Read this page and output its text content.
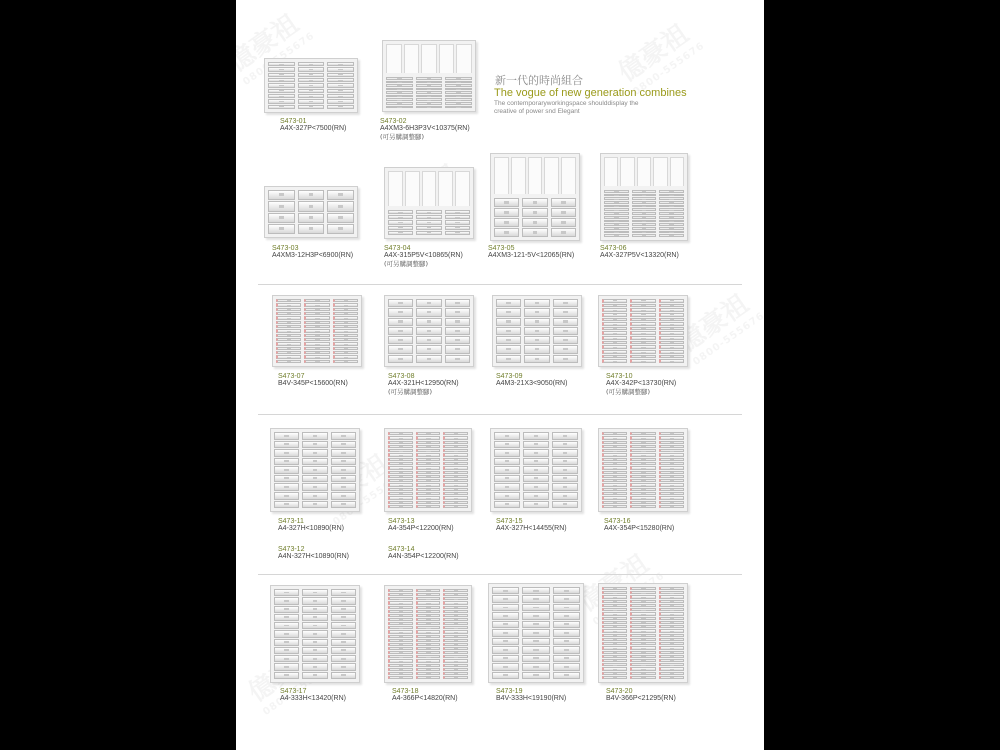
新一代的時尚組合
The vogue of new generation combines
The contemporaryworkingspace shoulddisplay the creative of power snd Elegant
S473-01
A4X-327P<7500(RN)
S473-02
A4XM3-6H3P3V<10375(RN)
(可另購調整腳)
S473-03
A4XM3-12H3P<6900(RN)
S473-04
A4X-315P5V<10865(RN)
(可另購調整腳)
S473-05
A4XM3-121-5V<12065(RN)
S473-06
A4X-327P5V<13320(RN)
S473-07
B4V-345P<15600(RN)
S473-08
A4X-321H<12950(RN)
(可另購調整腳)
S473-09
A4M3-21X3<9050(RN)
S473-10
A4X-342P<13730(RN)
(可另購調整腳)
S473-11
A4-327H<10890(RN)
S473-12
A4N-327H<10890(RN)
S473-13
A4-354P<12200(RN)
S473-14
A4N-354P<12200(RN)
S473-15
A4X-327H<14455(RN)
S473-16
A4X-354P<15280(RN)
S473-17
A4-333H<13420(RN)
S473-18
A4-366P<14820(RN)
S473-19
B4V-333H<19190(RN)
S473-20
B4V-366P<21295(RN)
